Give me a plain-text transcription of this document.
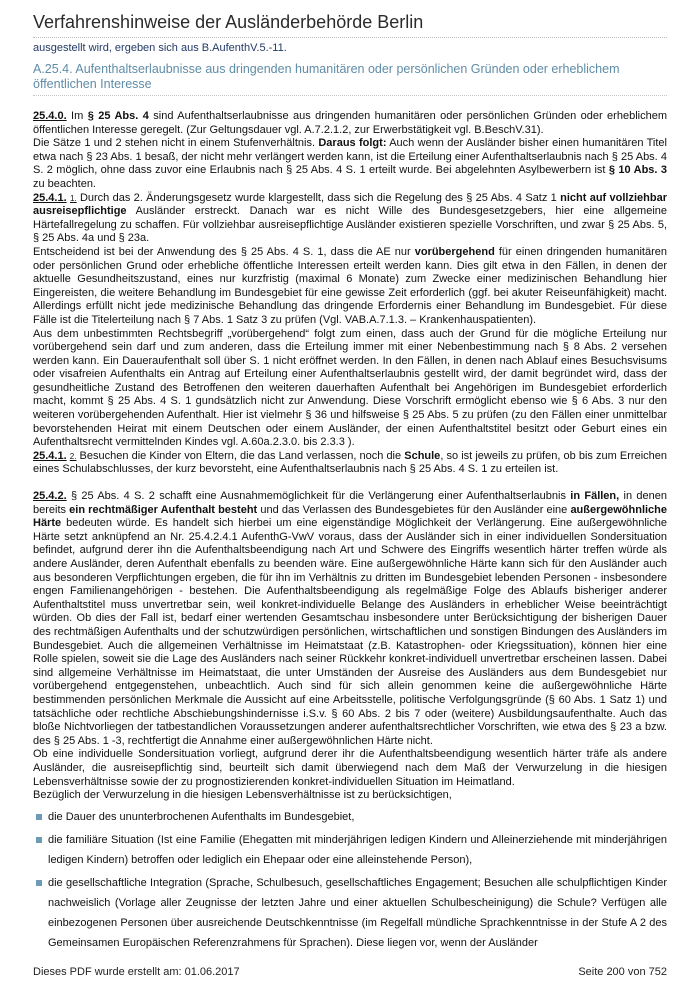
Verfahrenshinweise der Ausländerbehörde Berlin
ausgestellt wird, ergeben sich aus B.AufenthV.5.-11.
A.25.4. Aufenthaltserlaubnisse aus dringenden humanitären oder persönlichen Gründen oder erheblichem öffentlichen Interesse

25.4.0. Im § 25 Abs. 4 sind Aufenthaltserlaubnisse aus dringenden humanitären oder persönlichen Gründen oder erheblichem öffentlichen Interesse geregelt. (Zur Geltungsdauer vgl. A.7.2.1.2, zur Erwerbstätigkeit vgl. B.BeschV.31).

Die Sätze 1 und 2 stehen nicht in einem Stufenverhältnis. Daraus folgt: Auch wenn der Ausländer bisher einen humanitären Titel etwa nach § 23 Abs. 1 besaß, der nicht mehr verlängert werden kann, ist die Erteilung einer Aufenthaltserlaubnis nach § 25 Abs. 4 S. 2 möglich, ohne dass zuvor eine Erlaubnis nach § 25 Abs. 4 S. 1 erteilt wurde. Bei abgelehnten Asylbewerbern ist § 10 Abs. 3 zu beachten.

25.4.1. 1. Durch das 2. Änderungsgesetz wurde klargestellt, dass sich die Regelung des § 25 Abs. 4 Satz 1 nicht auf vollziehbar ausreisepflichtige Ausländer erstreckt. Danach war es nicht Wille des Bundesgesetzgebers, hier eine allgemeine Härtefallregelung zu schaffen. Für vollziehbar ausreisepflichtige Ausländer existieren spezielle Vorschriften, und zwar § 25 Abs. 5, § 25 Abs. 4a und § 23a.

Entscheidend ist bei der Anwendung des § 25 Abs. 4 S. 1, dass die AE nur vorübergehend für einen dringenden humanitären oder persönlichen Grund oder erhebliche öffentliche Interessen erteilt werden kann. Dies gilt etwa in den Fällen, in denen der aktuelle Gesundheitszustand, eines nur kurzfristig (maximal 6 Monate) zum Zwecke einer medizinischen Behandlung hier Eingereisten, die weitere Behandlung im Bundesgebiet für eine gewisse Zeit erforderlich (ggf. bei akuter Reiseunfähigkeit) macht. Allerdings erfüllt nicht jede medizinische Behandlung das dringende Erfordernis einer Behandlung im Bundesgebiet. Für diese Fälle ist die Titelerteilung nach § 7 Abs. 1 Satz 3 zu prüfen (Vgl. VAB.A.7.1.3. – Krankenhauspatienten).

Aus dem unbestimmten Rechtsbegriff „vorübergehend“ folgt zum einen, dass auch der Grund für die mögliche Erteilung nur vorübergehend sein darf und zum anderen, dass die Erteilung immer mit einer Nebenbestimmung nach § 8 Abs. 2 versehen werden kann. Ein Daueraufenthalt soll über S. 1 nicht eröffnet werden. In den Fällen, in denen nach Ablauf eines Besuchsvisums oder visafreien Aufenthalts ein Antrag auf Erteilung einer Aufenthaltserlaubnis gestellt wird, der damit begründet wird, dass der gesundheitliche Zustand des Betroffenen den weiteren dauerhaften Aufenthalt bei Angehörigen im Bundesgebiet erforderlich macht, kommt § 25 Abs. 4 S. 1 gundsätzlich nicht zur Anwendung. Diese Vorschrift ermöglicht ebenso wie § 6 Abs. 3 nur den weiteren vorübergehenden Aufenthalt. Hier ist vielmehr § 36 und hilfsweise § 25 Abs. 5 zu prüfen (zu den Fällen einer unmittelbar bevorstehenden Heirat mit einem Deutschen oder einem Ausländer, der einen Aufenthaltstitel besitzt oder Geburt eines ein Aufenthaltsrecht vermittelnden Kindes vgl. A.60a.2.3.0. bis 2.3.3 ).

25.4.1. 2. Besuchen die Kinder von Eltern, die das Land verlassen, noch die Schule, so ist jeweils zu prüfen, ob bis zum Erreichen eines Schulabschlusses, der kurz bevorsteht, eine Aufenthaltserlaubnis nach § 25 Abs. 4 S. 1 zu erteilen ist.

25.4.2. § 25 Abs. 4 S. 2 schafft eine Ausnahmemöglichkeit für die Verlängerung einer Aufenthaltserlaubnis in Fällen, in denen bereits ein rechtmäßiger Aufenthalt besteht und das Verlassen des Bundesgebietes für den Ausländer eine außergewöhnliche Härte bedeuten würde. Es handelt sich hierbei um eine eigenständige Möglichkeit der Verlängerung. Eine außergewöhnliche Härte setzt anknüpfend an Nr. 25.4.2.4.1 AufenthG-VwV voraus, dass der Ausländer sich in einer individuellen Sondersituation befindet, aufgrund derer ihn die Aufenthaltsbeendigung nach Art und Schwere des Eingriffs wesentlich härter treffen würde als andere Ausländer, deren Aufenthalt ebenfalls zu beenden wäre. Eine außergewöhnliche Härte kann sich für den Ausländer auch aus besonderen Verpflichtungen ergeben, die für ihn im Verhältnis zu dritten im Bundesgebiet lebenden Personen - insbesondere engen Familienangehörigen - bestehen. Die Aufenthaltsbeendigung als regelmäßige Folge des Ablaufs bisheriger anderer Aufenthaltstitel muss unvertretbar sein, weil konkret-individuelle Belange des Ausländers in erheblicher Weise beeinträchtigt würden. Ob dies der Fall ist, bedarf einer wertenden Gesamtschau insbesondere unter Berücksichtigung der bisherigen Dauer des rechtmäßigen Aufenthalts und der schutzwürdigen persönlichen, wirtschaftlichen und sonstigen Bindungen des Ausländers im Bundesgebiet. Auch die allgemeinen Verhältnisse im Heimatstaat (z.B. Katastrophen- oder Kriegssituation), können hier eine Rolle spielen, soweit sie die Lage des Ausländers nach seiner Rückkehr konkret-individuell unvertretbar erscheinen lassen. Dabei sind allgemeine Verhältnisse im Heimatstaat, die unter Umständen der Ausreise des Ausländers aus dem Bundesgebiet nur vorübergehend entgegenstehen, unbeachtlich. Auch sind für sich allein genommen keine die außergewöhnliche Härte bestimmenden persönlichen Merkmale die Aussicht auf eine Arbeitsstelle, politische Verfolgungsgründe (§ 60 Abs. 1 Satz 1) und tatsächliche oder rechtliche Abschiebungshindernisse i.S.v. § 60 Abs. 2 bis 7 oder (weitere) Ausbildungsaufenthalte. Auch das bloße Nichtvorliegen der tatbestandlichen Voraussetzungen anderer aufenthaltsrechtlicher Vorschriften, wie etwa des § 23 a bzw. des § 25 Abs. 1 -3, rechtfertigt die Annahme einer außergewöhnlichen Härte nicht.

Ob eine individuelle Sondersituation vorliegt, aufgrund derer ihr die Aufenthaltsbeendigung wesentlich härter träfe als andere Ausländer, die ausreisepflichtig sind, beurteilt sich damit überwiegend nach dem Maß der Verwurzelung in die hiesigen Lebensverhältnisse sowie der zu prognostizierenden konkret-individuellen Situation im Heimatland.

Bezüglich der Verwurzelung in die hiesigen Lebensverhältnisse ist zu berücksichtigen,

die Dauer des ununterbrochenen Aufenthalts im Bundesgebiet,
die familiäre Situation (Ist eine Familie (Ehegatten mit minderjährigen ledigen Kindern und Alleinerziehende mit minderjährigen ledigen Kindern) betroffen oder lediglich ein Ehepaar oder eine alleinstehende Person),
die gesellschaftliche Integration (Sprache, Schulbesuch, gesellschaftliches Engagement; Besuchen alle schulpflichtigen Kinder nachweislich (Vorlage aller Zeugnisse der letzten Jahre und einer aktuellen Schulbescheinigung) die Schule? Verfügen alle einbezogenen Personen über ausreichende Deutschkenntnisse (im Regelfall mündliche Sprachkenntnisse in der Stufe A 2 des Gemeinsamen Europäischen Referenzrahmens für Sprachen). Diese liegen vor, wenn der Ausländer
Dieses PDF wurde erstellt am: 01.06.2017	Seite 200 von 752
